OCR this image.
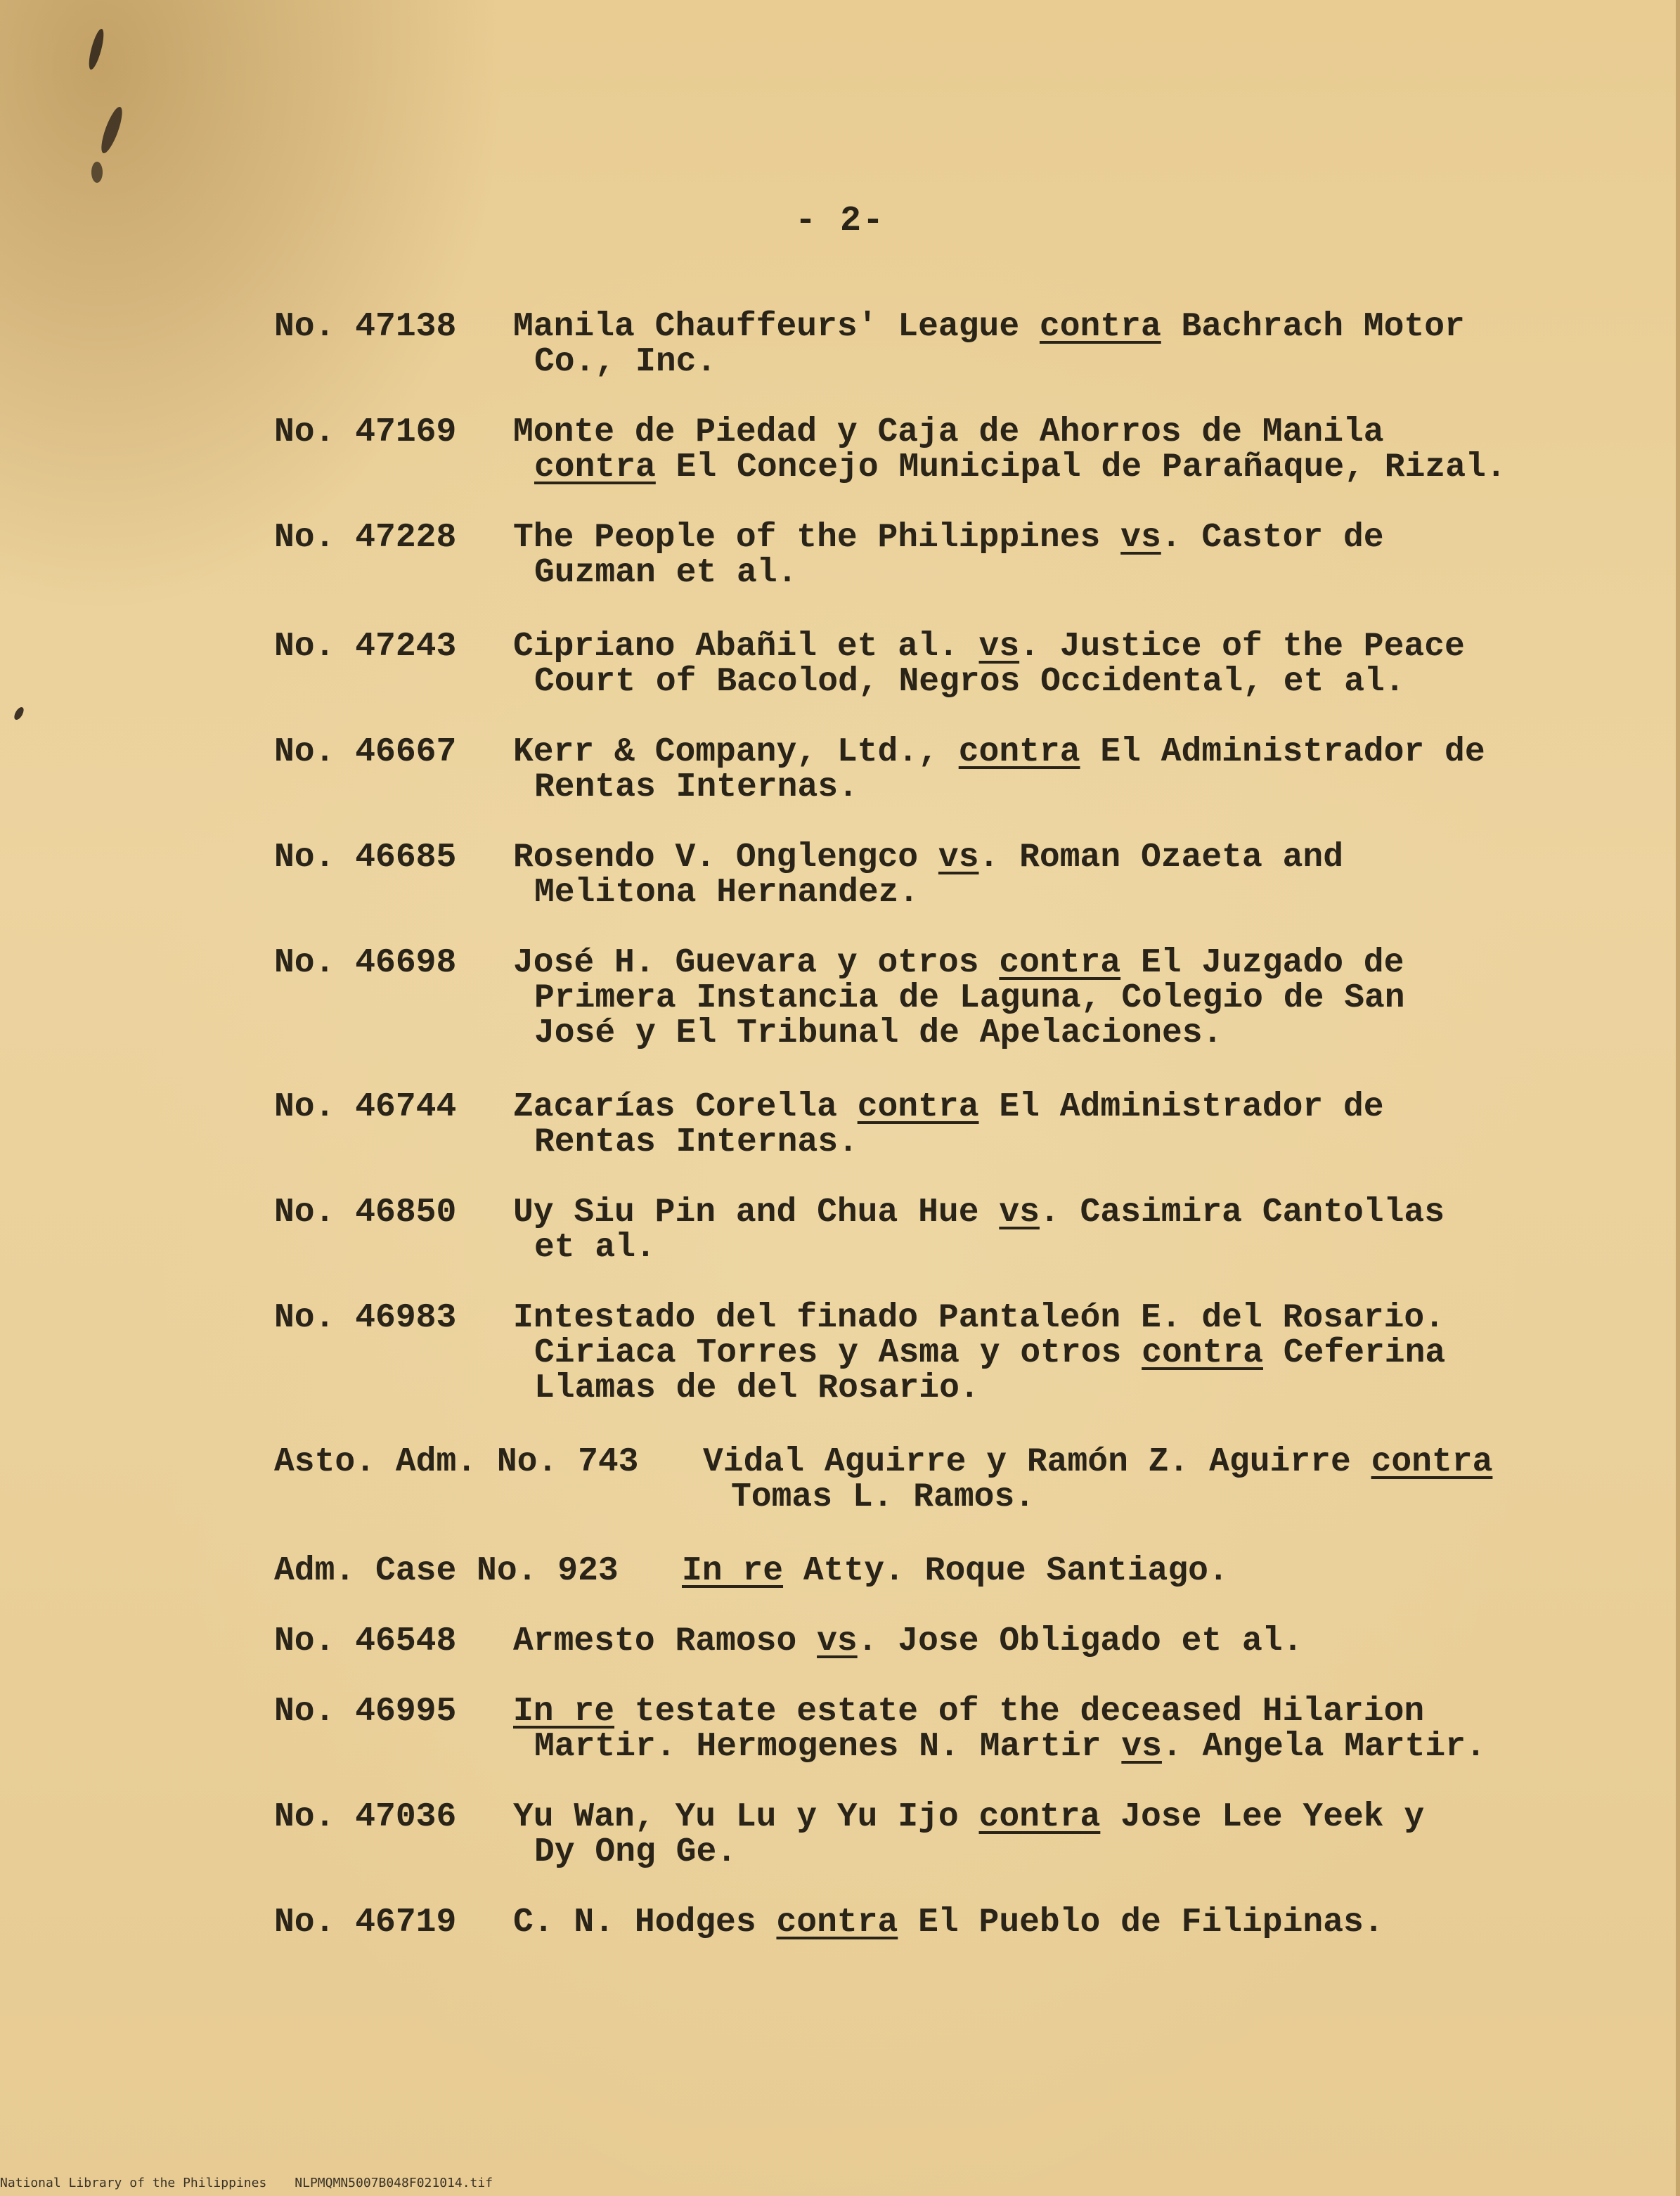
- 2-
No. 47138 Manila Chauffeurs' League contra Bachrach Motor
Co., Inc.
No. 47169 Monte de Piedad y Caja de Ahorros de Manila
contra El Concejo Municipal de Parañaque, Rizal.
No. 47228 The People of the Philippines vs. Castor de
Guzman et al.
No. 47243 Cipriano Abañil et al. vs. Justice of the Peace
Court of Bacolod, Negros Occidental, et al.
No. 46667 Kerr & Company, Ltd., contra El Administrador de
Rentas Internas.
No. 46685 Rosendo V. Onglengco vs. Roman Ozaeta and
Melitona Hernandez.
No. 46698 José H. Guevara y otros contra El Juzgado de
Primera Instancia de Laguna, Colegio de San
José y El Tribunal de Apelaciones.
No. 46744 Zacarías Corella contra El Administrador de
Rentas Internas.
No. 46850 Uy Siu Pin and Chua Hue vs. Casimira Cantollas
et al.
No. 46983 Intestado del finado Pantaleón E. del Rosario.
Ciriaca Torres y Asma y otros contra Ceferina
Llamas de del Rosario.
Asto. Adm. No. 743 Vidal Aguirre y Ramón Z. Aguirre contra
Tomas L. Ramos.
Adm. Case No. 923 In re Atty. Roque Santiago.
No. 46548 Armesto Ramoso vs. Jose Obligado et al.
No. 46995 In re testate estate of the deceased Hilarion
Martir. Hermogenes N. Martir vs. Angela Martir.
No. 47036 Yu Wan, Yu Lu y Yu Ijo contra Jose Lee Yeek y
Dy Ong Ge.
No. 46719 C. N. Hodges contra El Pueblo de Filipinas.
National Library of the Philippines NLPMQMN5007B048F021014.tif
